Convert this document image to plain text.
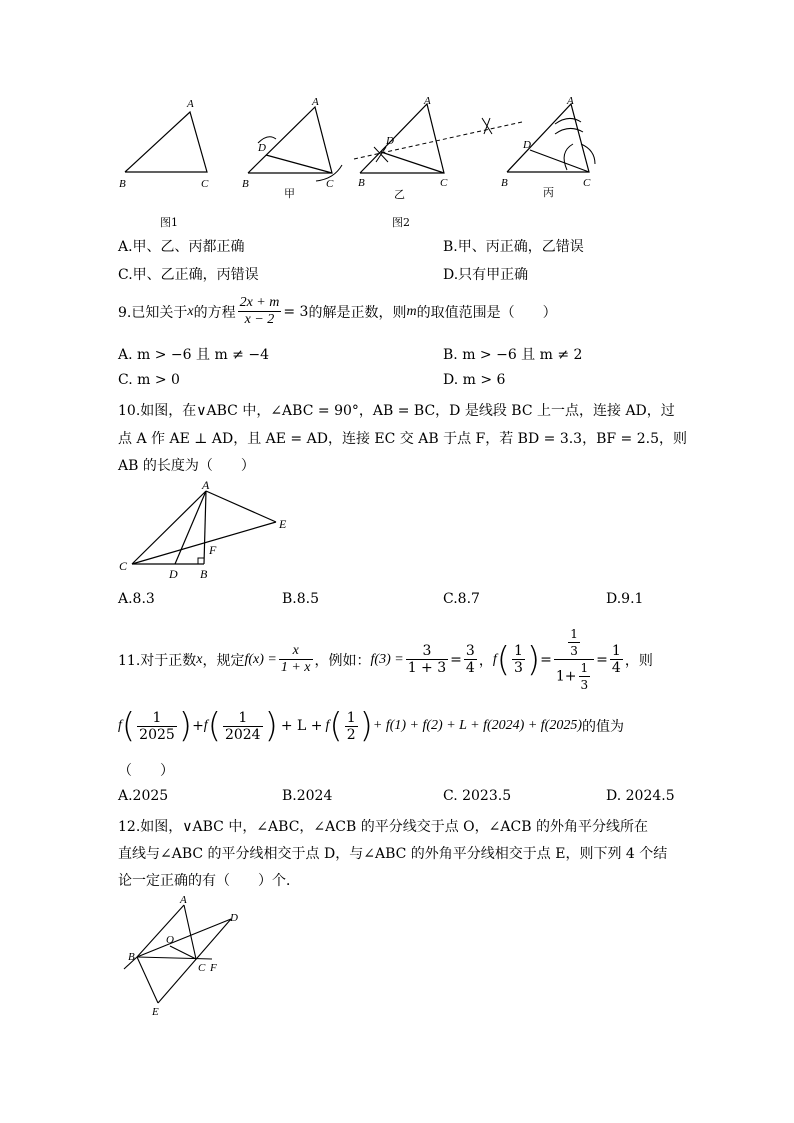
A
B	C
图1
A
D
B	C
甲
A
D
B	C
乙
图2
A
D
B	C
丙
A.甲、乙、丙都正确	B.甲、丙正确，乙错误
C.甲、乙正确，丙错误	D.只有甲正确
9.已知关于 x 的方程 $\frac{2x + m}{x - 2} = 3$ 的解是正数，则 m 的取值范围是（　　）
A. m > −6 且 m ≠ −4	B. m > −6 且 m ≠ 2
C. m > 0	D. m > 6
10.如图，在∨ABC 中，∠ABC = 90°，AB = BC，D 是线段 BC 上一点，连接 AD，过
点 A 作 AE ⊥ AD，且 AE = AD，连接 EC 交 AB 于点 F，若 BD = 3.3，BF = 2.5，则
AB 的长度为（　　）
A
E
F
C
D B
A.8.3	B.8.5	C.8.7	D.9.1
11.对于正数 x ，规定 $f(x) = \frac{x}{1 + x}$ ，例如： $f(3) = \frac{3}{1 + 3} = \frac{3}{4}$ ， f ( $\frac{1}{3}$ ) = $\frac{\frac{1}{3}}{1+ \frac{1}{3}} = \frac{1}{4}$ ，则
f ( $\frac{1}{2025}$ ) + f ( $\frac{1}{2024}$ ) + L + f ( $\frac{1}{2}$ ) + f(1) + f(2) + L + f(2024) + f(2025) 的值为
（　　）
A.2025	B.2024	C. 2023.5	D. 2024.5
12.如图，∨ABC 中，∠ABC，∠ACB 的平分线交于点 O，∠ACB 的外角平分线所在
直线与∠ABC 的平分线相交于点 D，与∠ABC 的外角平分线相交于点 E，则下列 4 个结
论一定正确的有（　　）个．
A
D
O
B
C F
E
